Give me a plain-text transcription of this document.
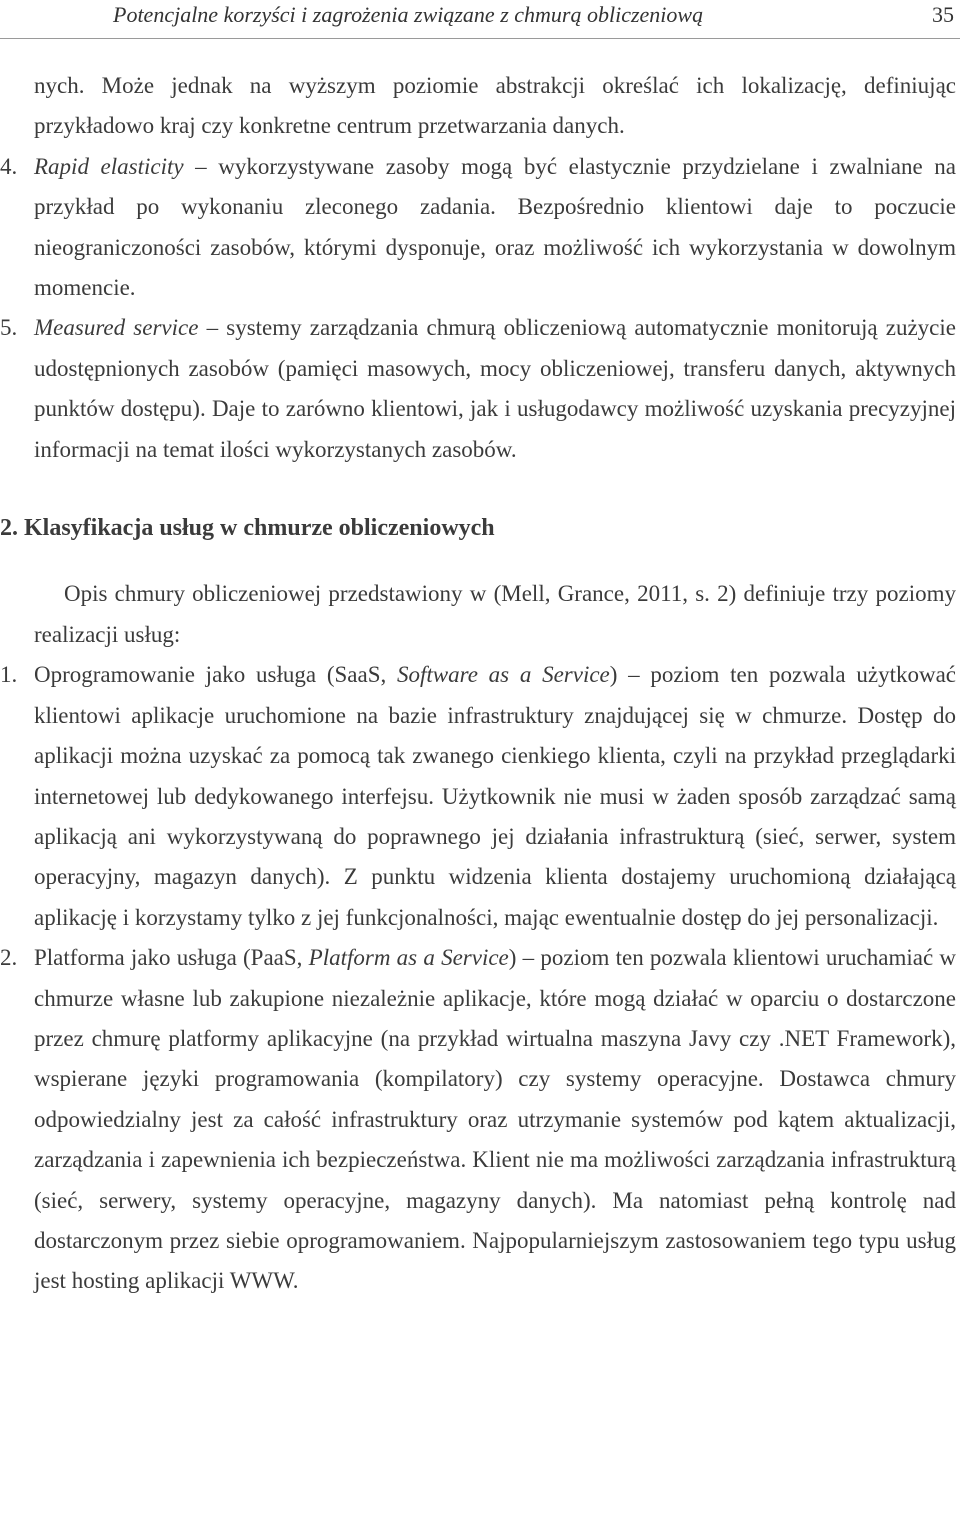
Potencjalne korzyści i zagrożenia związane z chmurą obliczeniową	35

nych. Może jednak na wyższym poziomie abstrakcji określać ich lokalizację, definiując przykładowo kraj czy konkretne centrum przetwarzania danych.

4. Rapid elasticity – wykorzystywane zasoby mogą być elastycznie przydzielane i zwalniane na przykład po wykonaniu zleconego zadania. Bezpośrednio klientowi daje to poczucie nieograniczoności zasobów, którymi dysponuje, oraz możliwość ich wykorzystania w dowolnym momencie.

5. Measured service – systemy zarządzania chmurą obliczeniową automatycznie monitorują zużycie udostępnionych zasobów (pamięci masowych, mocy obliczeniowej, transferu danych, aktywnych punktów dostępu). Daje to zarówno klientowi, jak i usługodawcy możliwość uzyskania precyzyjnej informacji na temat ilości wykorzystanych zasobów.

2. Klasyfikacja usług w chmurze obliczeniowych

Opis chmury obliczeniowej przedstawiony w (Mell, Grance, 2011, s. 2) definiuje trzy poziomy realizacji usług:

1. Oprogramowanie jako usługa (SaaS, Software as a Service) – poziom ten pozwala użytkować klientowi aplikacje uruchomione na bazie infrastruktury znajdującej się w chmurze. Dostęp do aplikacji można uzyskać za pomocą tak zwanego cienkiego klienta, czyli na przykład przeglądarki internetowej lub dedykowanego interfejsu. Użytkownik nie musi w żaden sposób zarządzać samą aplikacją ani wykorzystywaną do poprawnego jej działania infrastrukturą (sieć, serwer, system operacyjny, magazyn danych). Z punktu widzenia klienta dostajemy uruchomioną działającą aplikację i korzystamy tylko z jej funkcjonalności, mając ewentualnie dostęp do jej personalizacji.

2. Platforma jako usługa (PaaS, Platform as a Service) – poziom ten pozwala klientowi uruchamiać w chmurze własne lub zakupione niezależnie aplikacje, które mogą działać w oparciu o dostarczone przez chmurę platformy aplikacyjne (na przykład wirtualna maszyna Javy czy .NET Framework), wspierane języki programowania (kompilatory) czy systemy operacyjne. Dostawca chmury odpowiedzialny jest za całość infrastruktury oraz utrzymanie systemów pod kątem aktualizacji, zarządzania i zapewnienia ich bezpieczeństwa. Klient nie ma możliwości zarządzania infrastrukturą (sieć, serwery, systemy operacyjne, magazyny danych). Ma natomiast pełną kontrolę nad dostarczonym przez siebie oprogramowaniem. Najpopularniejszym zastosowaniem tego typu usług jest hosting aplikacji WWW.
